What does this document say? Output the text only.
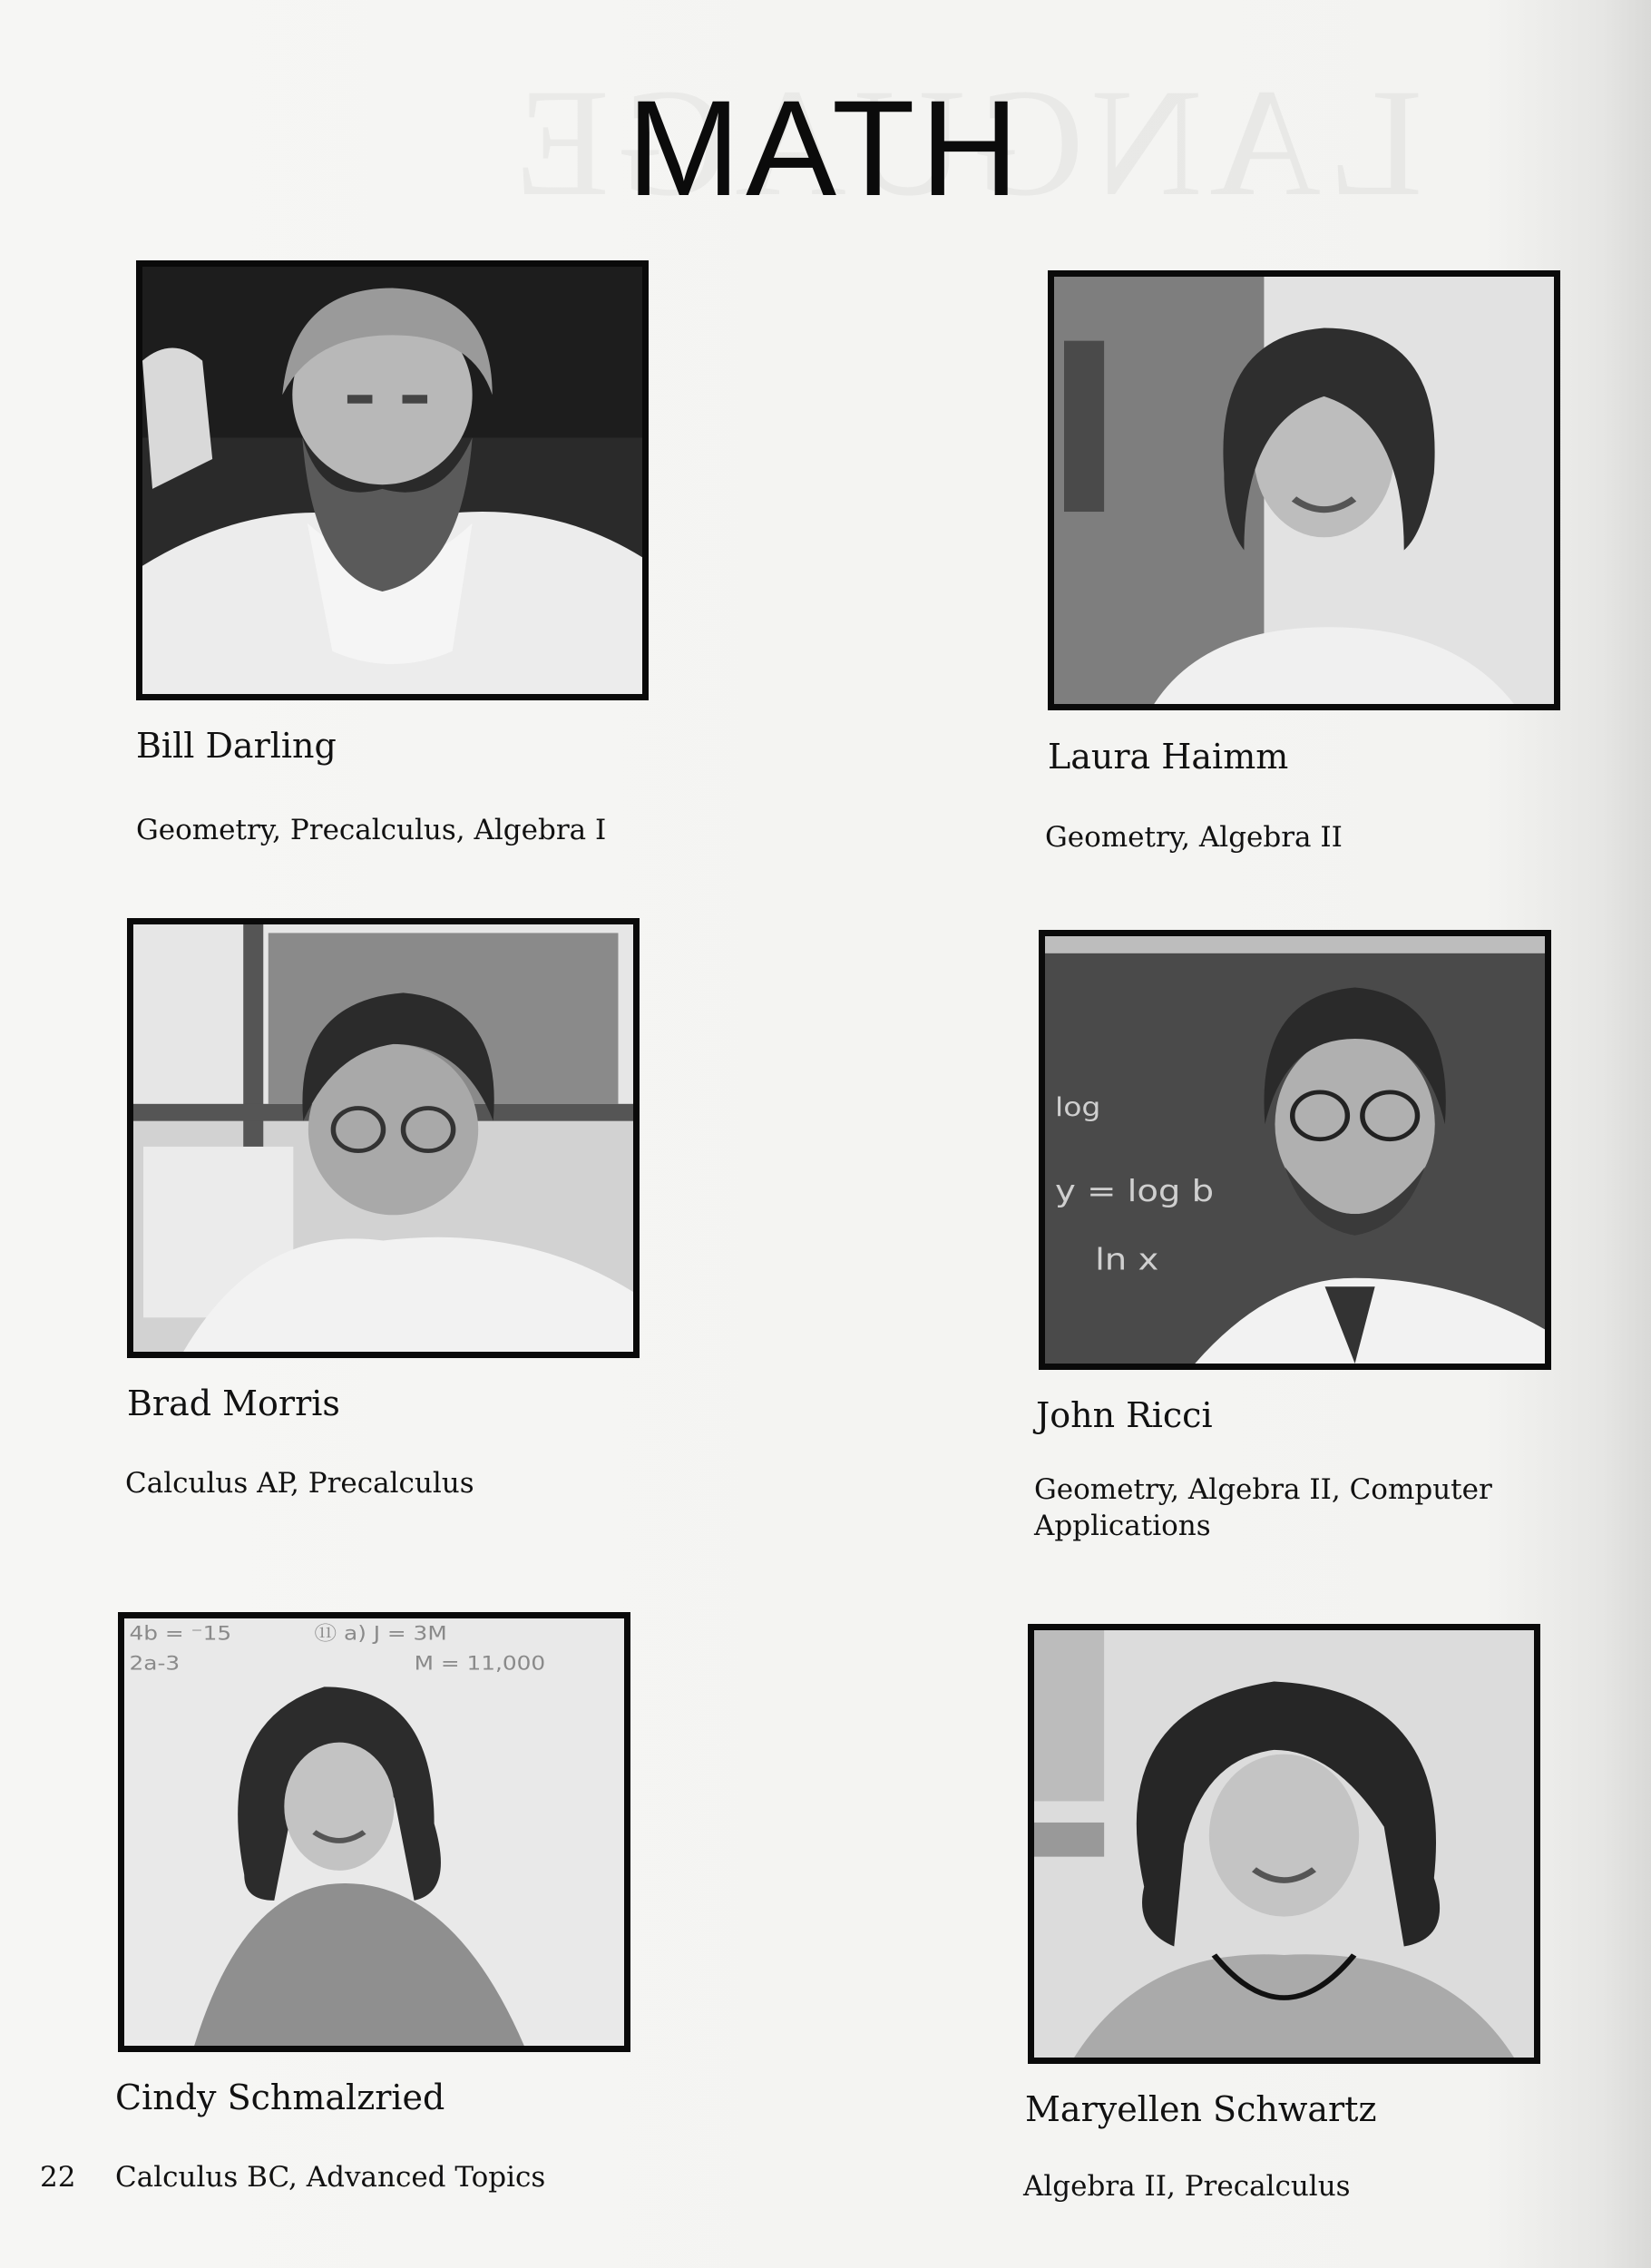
MATH
Bill Darling
Geometry, Precalculus, Algebra I
Laura Haimm
Geometry, Algebra II
Brad Morris
Calculus AP, Precalculus
log
y = log b
ln x
John Ricci
Geometry, Algebra II, Computer Applications
4b = ⁻15
2a-3
⑪ a) J = 3M
M = 11,000
Cindy Schmalzried
Calculus BC, Advanced Topics
Maryellen Schwartz
Algebra II, Precalculus
22
